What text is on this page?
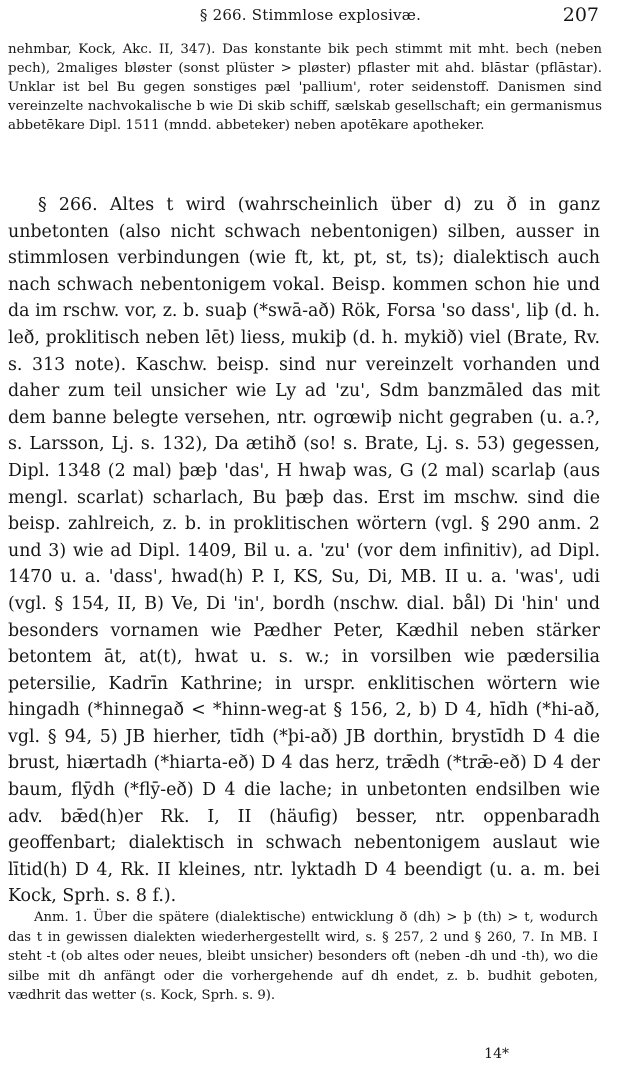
§ 266. Stimmlose explosivæ.	207

nehmbar, Kock, Akc. II, 347). Das konstante bik pech stimmt mit mht. bech (neben pech), 2maliges bløster (sonst plüster > pløster) pflaster mit ahd. blāstar (pflāstar). Unklar ist bel Bu gegen sonstiges pæl 'pallium', roter seidenstoff. Danismen sind vereinzelte nachvokalische b wie Di skib schiff, sælskab gesellschaft; ein germanismus abbetēkare Dipl. 1511 (mndd. abbeteker) neben apotēkare apotheker.

§ 266. Altes t wird (wahrscheinlich über d) zu ð in ganz unbetonten (also nicht schwach nebentonigen) silben, ausser in stimmlosen verbindungen (wie ft, kt, pt, st, ts); dialektisch auch nach schwach nebentonigem vokal. Beisp. kommen schon hie und da im rschw. vor, z. b. suaþ (*swā-að) Rök, Forsa 'so dass', liþ (d. h. leð, proklitisch neben lēt) liess, mukiþ (d. h. mykið) viel (Brate, Rv. s. 313 note). Kaschw. beisp. sind nur vereinzelt vorhanden und daher zum teil unsicher wie Ly ad 'zu', Sdm banzmāled das mit dem banne belegte versehen, ntr. ogrœwiþ nicht gegraben (u. a.?, s. Larsson, Lj. s. 132), Da ætihð (so! s. Brate, Lj. s. 53) gegessen, Dipl. 1348 (2 mal) þæþ 'das', H hwaþ was, G (2 mal) scarlaþ (aus mengl. scarlat) scharlach, Bu þæþ das. Erst im mschw. sind die beisp. zahlreich, z. b. in proklitischen wörtern (vgl. § 290 anm. 2 und 3) wie ad Dipl. 1409, Bil u. a. 'zu' (vor dem infinitiv), ad Dipl. 1470 u. a. 'dass', hwad(h) P. I, KS, Su, Di, MB. II u. a. 'was', udi (vgl. § 154, II, B) Ve, Di 'in', bordh (nschw. dial. bål) Di 'hin' und besonders vornamen wie Pædher Peter, Kædhil neben stärker betontem āt, at(t), hwat u. s. w.; in vorsilben wie pædersilia petersilie, Kadrīn Kathrine; in urspr. enklitischen wörtern wie hingadh (*hinnegað < *hinn-weg-at § 156, 2, b) D 4, hīdh (*hi-að, vgl. § 94, 5) JB hierher, tīdh (*þi-að) JB dorthin, brystīdh D 4 die brust, hiærtadh (*hiarta-eð) D 4 das herz, trǣdh (*trǣ-eð) D 4 der baum, flȳdh (*flȳ-eð) D 4 die lache; in unbetonten endsilben wie adv. bǣd(h)er Rk. I, II (häufig) besser, ntr. oppenbaradh geoffenbart; dialektisch in schwach nebentonigem auslaut wie lītid(h) D 4, Rk. II kleines, ntr. lyktadh D 4 beendigt (u. a. m. bei Kock, Sprh. s. 8 f.).

Anm. 1. Über die spätere (dialektische) entwicklung ð (dh) > þ (th) > t, wodurch das t in gewissen dialekten wiederhergestellt wird, s. § 257, 2 und § 260, 7. In MB. I steht -t (ob altes oder neues, bleibt unsicher) besonders oft (neben -dh und -th), wo die silbe mit dh anfängt oder die vorhergehende auf dh endet, z. b. budhit geboten, vædhrit das wetter (s. Kock, Sprh. s. 9).

14*
